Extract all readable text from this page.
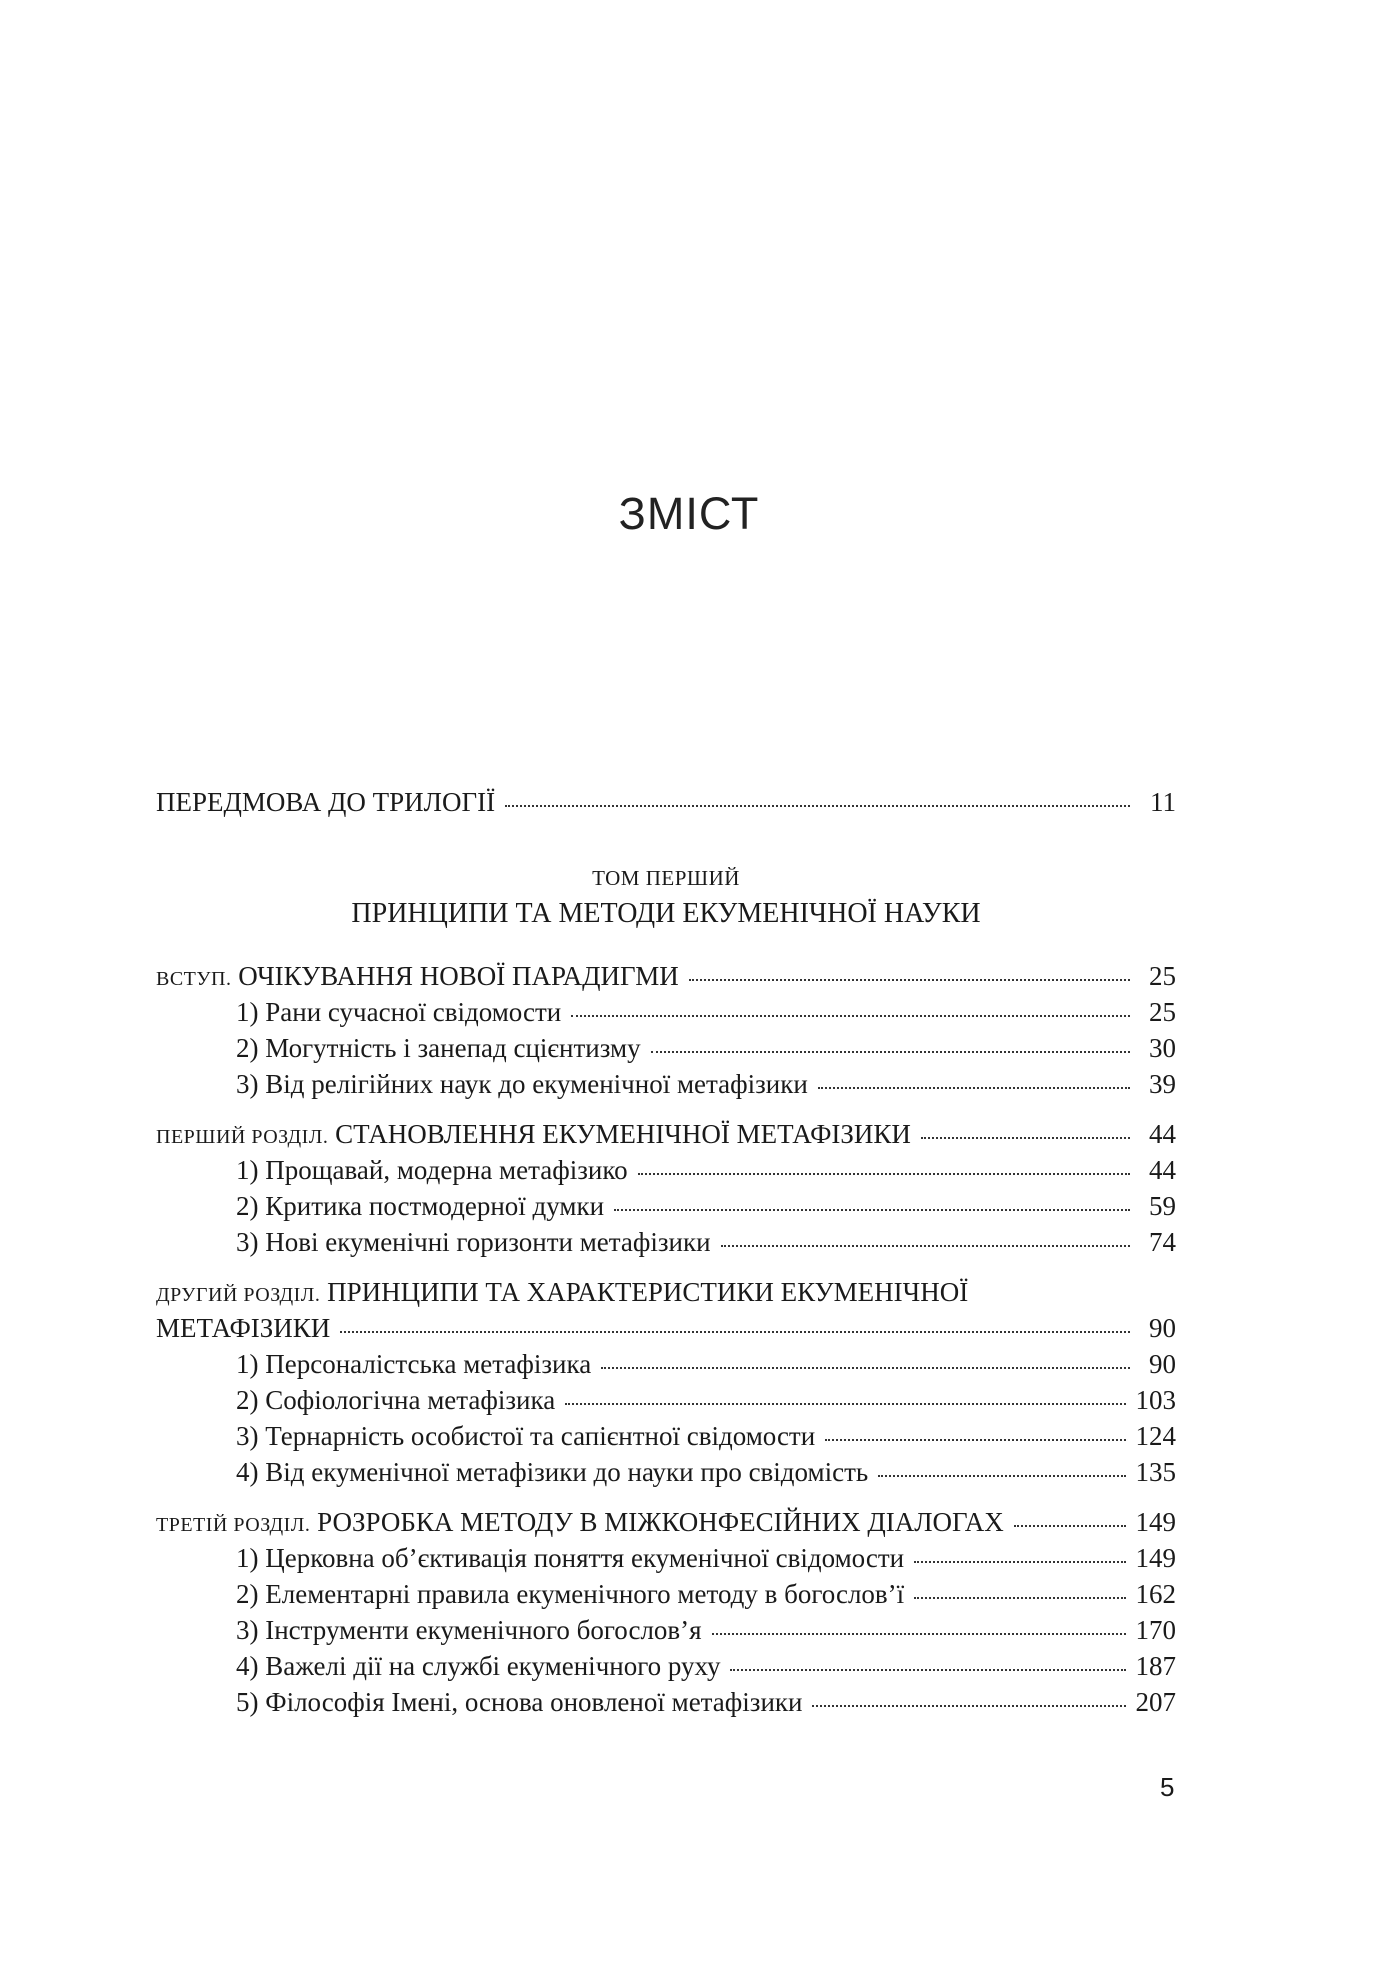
ЗМІСТ
ПЕРЕДМОВА ДО ТРИЛОГІЇ	11
ТОМ ПЕРШИЙ
ПРИНЦИПИ ТА МЕТОДИ ЕКУМЕНІЧНОЇ НАУКИ
ВСТУП. ОЧІКУВАННЯ НОВОЇ ПАРАДИГМИ	25
1) Рани сучасної свідомости	25
2) Могутність і занепад сцієнтизму	30
3) Від релігійних наук до екуменічної метафізики	39
ПЕРШИЙ РОЗДІЛ. СТАНОВЛЕННЯ ЕКУМЕНІЧНОЇ МЕТАФІЗИКИ	44
1) Прощавай, модерна метафізико	44
2) Критика постмодерної думки	59
3) Нові екуменічні горизонти метафізики	74
ДРУГИЙ РОЗДІЛ. ПРИНЦИПИ ТА ХАРАКТЕРИСТИКИ ЕКУМЕНІЧНОЇ
МЕТАФІЗИКИ	90
1) Персоналістська метафізика	90
2) Софіологічна метафізика	103
3) Тернарність особистої та сапієнтної свідомости	124
4) Від екуменічної метафізики до науки про свідомість	135
ТРЕТІЙ РОЗДІЛ. РОЗРОБКА МЕТОДУ В МІЖКОНФЕСІЙНИХ ДІАЛОГАХ	149
1) Церковна об’єктивація поняття екуменічної свідомости	149
2) Елементарні правила екуменічного методу в богослов’ї	162
3) Інструменти екуменічного богослов’я	170
4) Важелі дії на службі екуменічного руху	187
5) Філософія Імені, основа оновленої метафізики	207
5
